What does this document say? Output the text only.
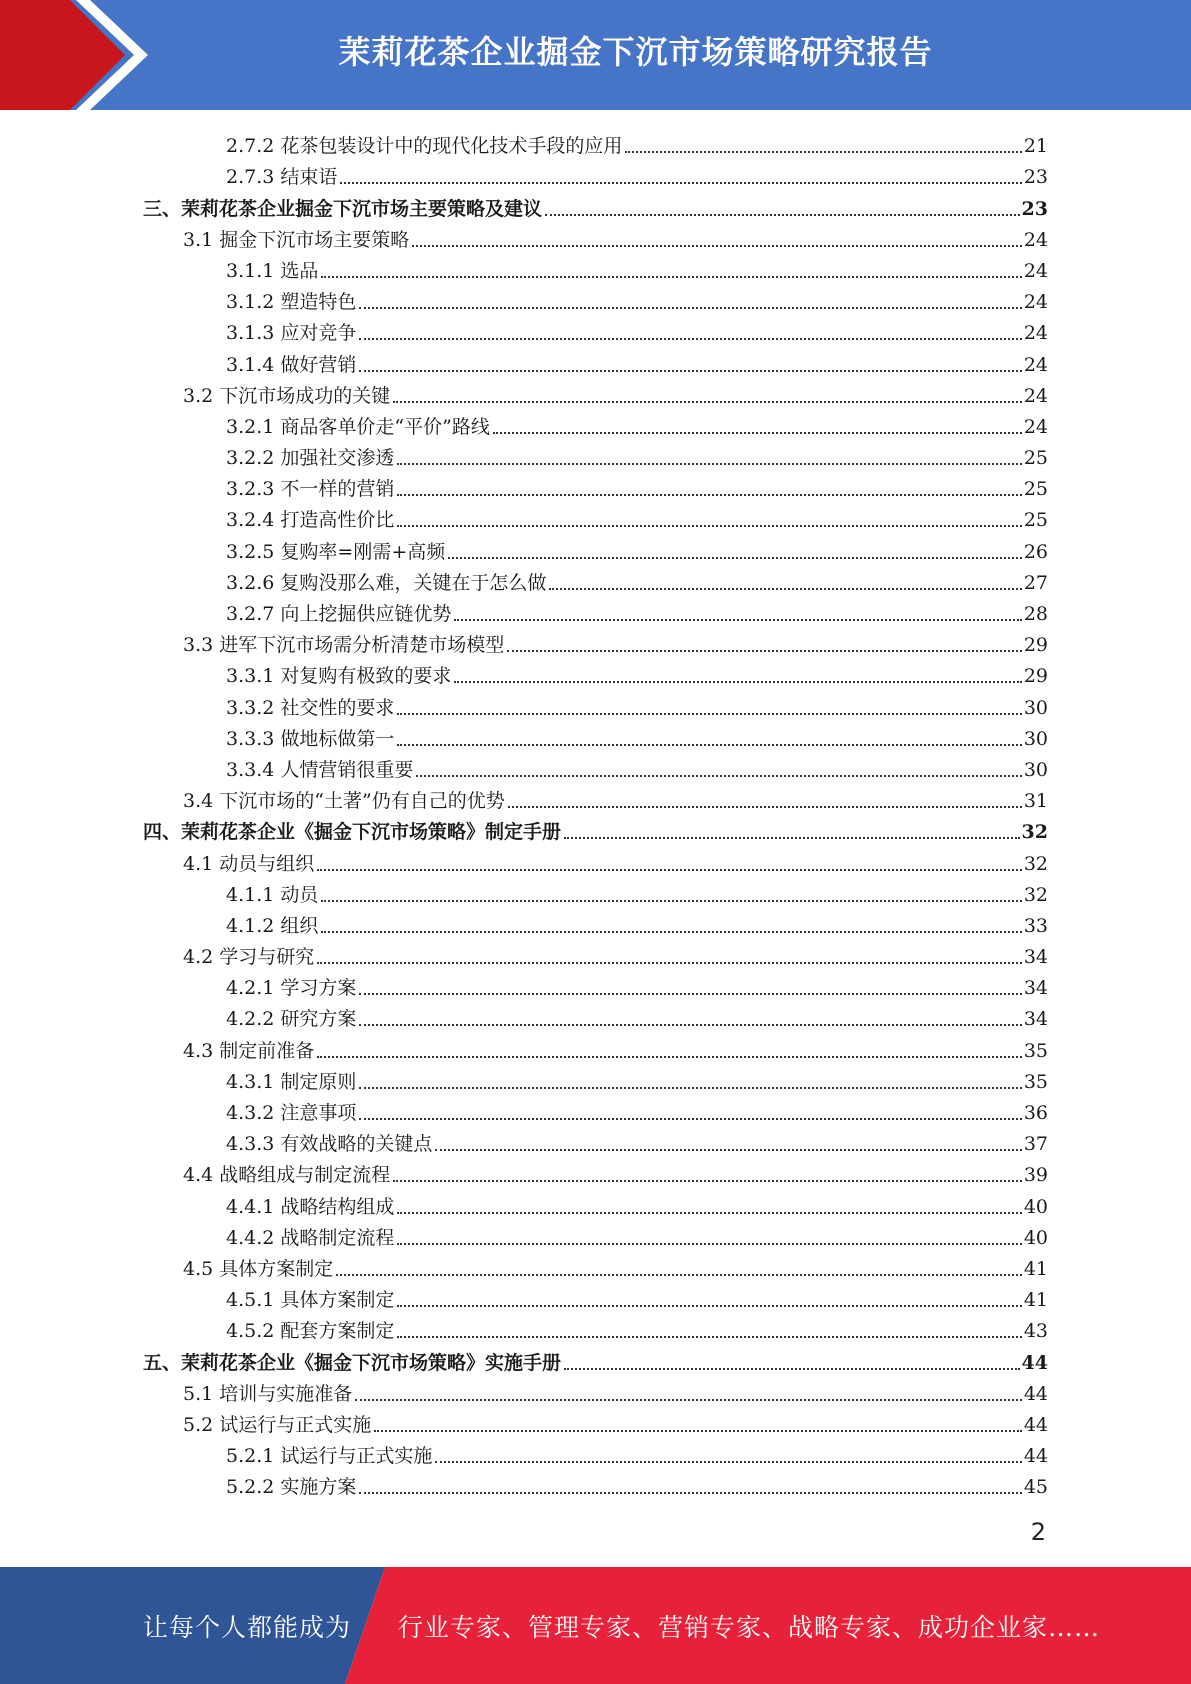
茉莉花茶企业掘金下沉市场策略研究报告
2.7.2 花茶包装设计中的现代化技术手段的应用	21
2.7.3 结束语	23
三、茉莉花茶企业掘金下沉市场主要策略及建议	23
3.1 掘金下沉市场主要策略	24
3.1.1 选品	24
3.1.2 塑造特色	24
3.1.3 应对竞争	24
3.1.4 做好营销	24
3.2 下沉市场成功的关键	24
3.2.1 商品客单价走“平价”路线	24
3.2.2 加强社交渗透	25
3.2.3 不一样的营销	25
3.2.4 打造高性价比	25
3.2.5 复购率=刚需+高频	26
3.2.6 复购没那么难，关键在于怎么做	27
3.2.7 向上挖掘供应链优势	28
3.3 进军下沉市场需分析清楚市场模型	29
3.3.1 对复购有极致的要求	29
3.3.2 社交性的要求	30
3.3.3 做地标做第一	30
3.3.4 人情营销很重要	30
3.4 下沉市场的“土著”仍有自己的优势	31
四、茉莉花茶企业《掘金下沉市场策略》制定手册	32
4.1 动员与组织	32
4.1.1 动员	32
4.1.2 组织	33
4.2 学习与研究	34
4.2.1 学习方案	34
4.2.2 研究方案	34
4.3 制定前准备	35
4.3.1 制定原则	35
4.3.2 注意事项	36
4.3.3 有效战略的关键点	37
4.4 战略组成与制定流程	39
4.4.1 战略结构组成	40
4.4.2 战略制定流程	40
4.5 具体方案制定	41
4.5.1 具体方案制定	41
4.5.2 配套方案制定	43
五、茉莉花茶企业《掘金下沉市场策略》实施手册	44
5.1 培训与实施准备	44
5.2 试运行与正式实施	44
5.2.1 试运行与正式实施	44
5.2.2 实施方案	45
2
让每个人都能成为 行业专家、管理专家、营销专家、战略专家、成功企业家……
